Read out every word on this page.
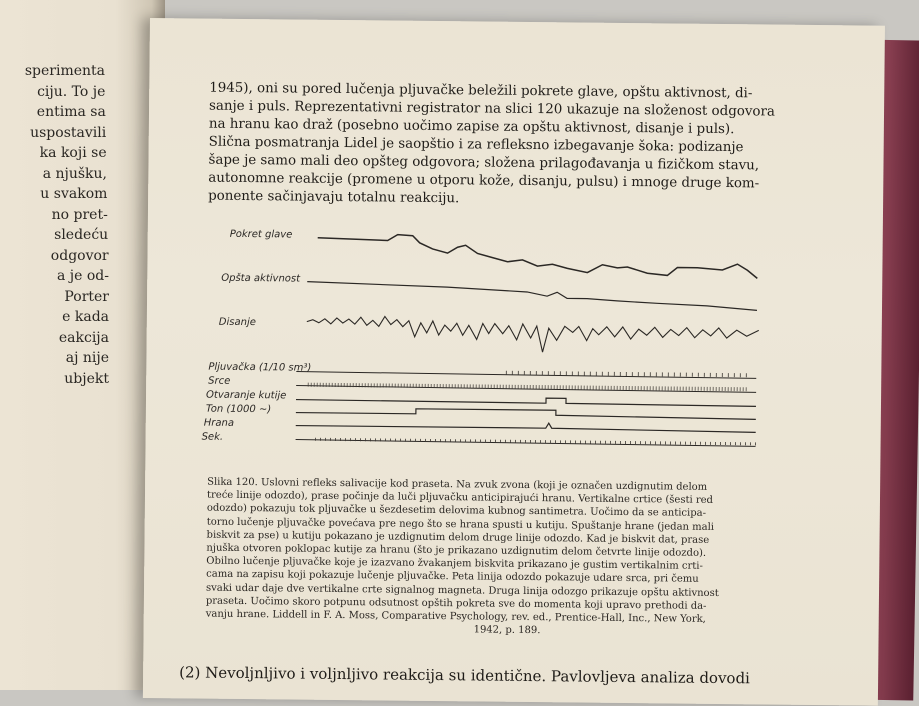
sperimenta
ciju. To je
entima sa
uspostavili
ka koji se
a njušku,
u svakom
no pret-
sledeću
odgovor
a je od-
Porter
e kada
eakcija
aj nije
ubjekt
1945), oni su pored lučenja pljuvačke beležili pokrete glave, opštu aktivnost, di-
sanje i puls. Reprezentativni registrator na slici 120 ukazuje na složenost odgovora
na hranu kao draž (posebno uočimo zapise za opštu aktivnost, disanje i puls).
Slična posmatranja Lidel je saopštio i za refleksno izbegavanje šoka: podizanje
šape je samo mali deo opšteg odgovora; složena prilagođavanja u fizičkom stavu,
autonomne reakcije (promene u otporu kože, disanju, pulsu) i mnoge druge kom-
ponente sačinjavaju totalnu reakciju.
Pokret glave
Opšta aktivnost
Disanje
Pljuvačka (1/10 sm³)
Srce
Otvaranje kutije
Ton (1000 ~)
Hrana
Sek.
Slika 120. Uslovni refleks salivacije kod praseta. Na zvuk zvona (koji je označen uzdignutim delom
treće linije odozdo), prase počinje da luči pljuvačku anticipirajući hranu. Vertikalne crtice (šesti red
odozdo) pokazuju tok pljuvačke u šezdesetim delovima kubnog santimetra. Uočimo da se anticipa-
torno lučenje pljuvačke povećava pre nego što se hrana spusti u kutiju. Spuštanje hrane (jedan mali
biskvit za pse) u kutiju pokazano je uzdignutim delom druge linije odozdo. Kad je biskvit dat, prase
njuška otvoren poklopac kutije za hranu (što je prikazano uzdignutim delom četvrte linije odozdo).
Obilno lučenje pljuvačke koje je izazvano žvakanjem biskvita prikazano je gustim vertikalnim crti-
cama na zapisu koji pokazuje lučenje pljuvačke. Peta linija odozdo pokazuje udare srca, pri čemu
svaki udar daje dve vertikalne crte signalnog magneta. Druga linija odozgo prikazuje opštu aktivnost
praseta. Uočimo skoro potpunu odsutnost opštih pokreta sve do momenta koji upravo prethodi da-
vanju hrane. Liddell in F. A. Moss, Comparative Psychology, rev. ed., Prentice-Hall, Inc., New York,
1942, p. 189.
(2) Nevoljnljivo i voljnljivo reakcija su identične. Pavlovljeva analiza dovodi
